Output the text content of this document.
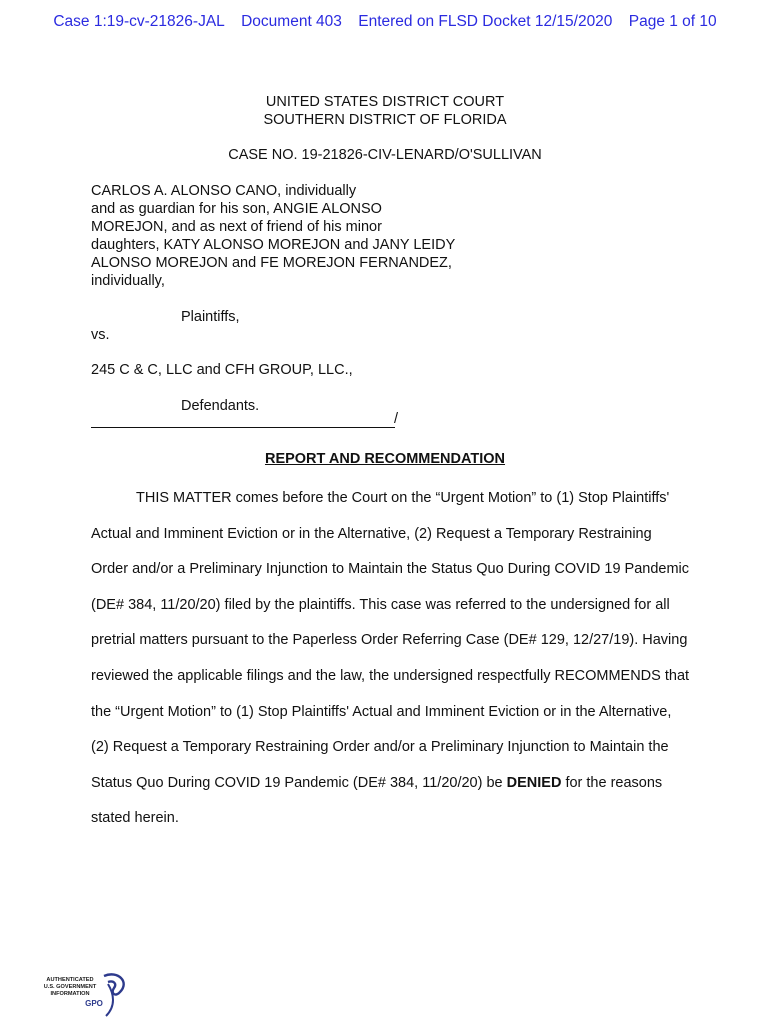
Case 1:19-cv-21826-JAL Document 403 Entered on FLSD Docket 12/15/2020 Page 1 of 10
UNITED STATES DISTRICT COURT
SOUTHERN DISTRICT OF FLORIDA
CASE NO. 19-21826-CIV-LENARD/O'SULLIVAN
CARLOS A. ALONSO CANO, individually
and as guardian for his son, ANGIE ALONSO
MOREJON, and as next of friend of his minor
daughters, KATY ALONSO MOREJON and JANY LEIDY
ALONSO MOREJON and FE MOREJON FERNANDEZ,
individually,
Plaintiffs,
vs.
245 C & C, LLC and CFH GROUP, LLC.,
Defendants.
/
REPORT AND RECOMMENDATION

THIS MATTER comes before the Court on the “Urgent Motion” to (1) Stop Plaintiffs' Actual and Imminent Eviction or in the Alternative, (2) Request a Temporary Restraining Order and/or a Preliminary Injunction to Maintain the Status Quo During COVID 19 Pandemic (DE# 384, 11/20/20) filed by the plaintiffs. This case was referred to the undersigned for all pretrial matters pursuant to the Paperless Order Referring Case (DE# 129, 12/27/19). Having reviewed the applicable filings and the law, the undersigned respectfully RECOMMENDS that the “Urgent Motion” to (1) Stop Plaintiffs' Actual and Imminent Eviction or in the Alternative, (2) Request a Temporary Restraining Order and/or a Preliminary Injunction to Maintain the Status Quo During COVID 19 Pandemic (DE# 384, 11/20/20) be DENIED for the reasons stated herein.

AUTHENTICATED
U.S. GOVERNMENT
INFORMATION
GPO
